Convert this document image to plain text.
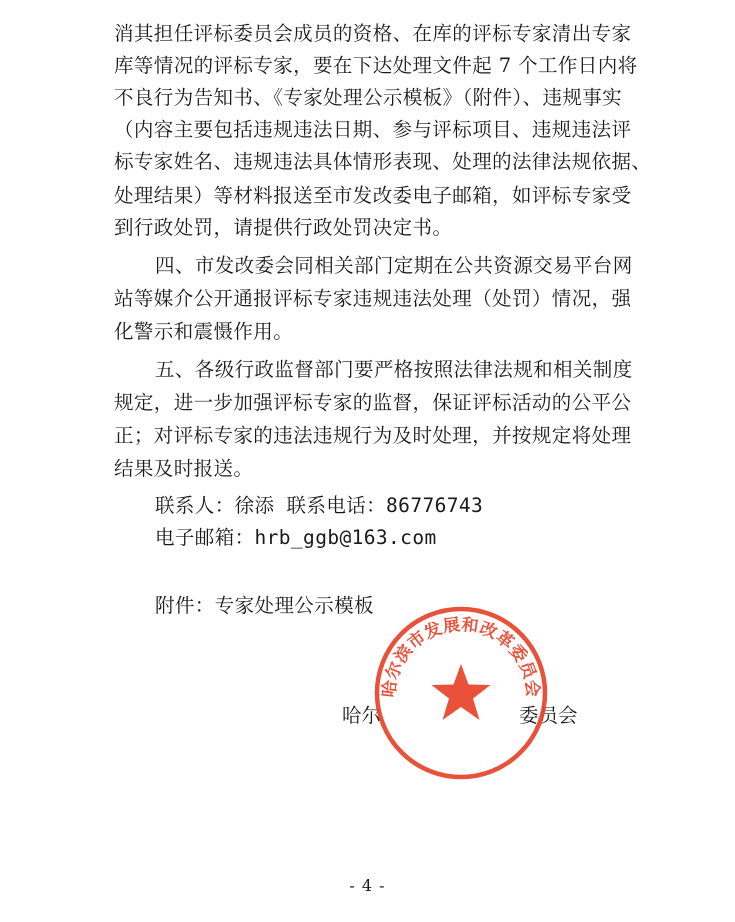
消其担任评标委员会成员的资格、在库的评标专家清出专家
库等情况的评标专家，要在下达处理文件起 7 个工作日内将
不良行为告知书、《专家处理公示模板》（附件）、违规事实
（内容主要包括违规违法日期、参与评标项目、违规违法评
标专家姓名、违规违法具体情形表现、处理的法律法规依据、
处理结果）等材料报送至市发改委电子邮箱，如评标专家受
到行政处罚，请提供行政处罚决定书。
四、市发改委会同相关部门定期在公共资源交易平台网
站等媒介公开通报评标专家违规违法处理（处罚）情况，强
化警示和震慑作用。
五、各级行政监督部门要严格按照法律法规和相关制度
规定，进一步加强评标专家的监督，保证评标活动的公平公
正；对评标专家的违法违规行为及时处理，并按规定将处理
结果及时报送。
联系人：徐添 联系电话：86776743
电子邮箱：hrb_ggb@163.com
附件：专家处理公示模板
哈尔	委员会
哈尔滨市发展和改革委员会
- 4 -
